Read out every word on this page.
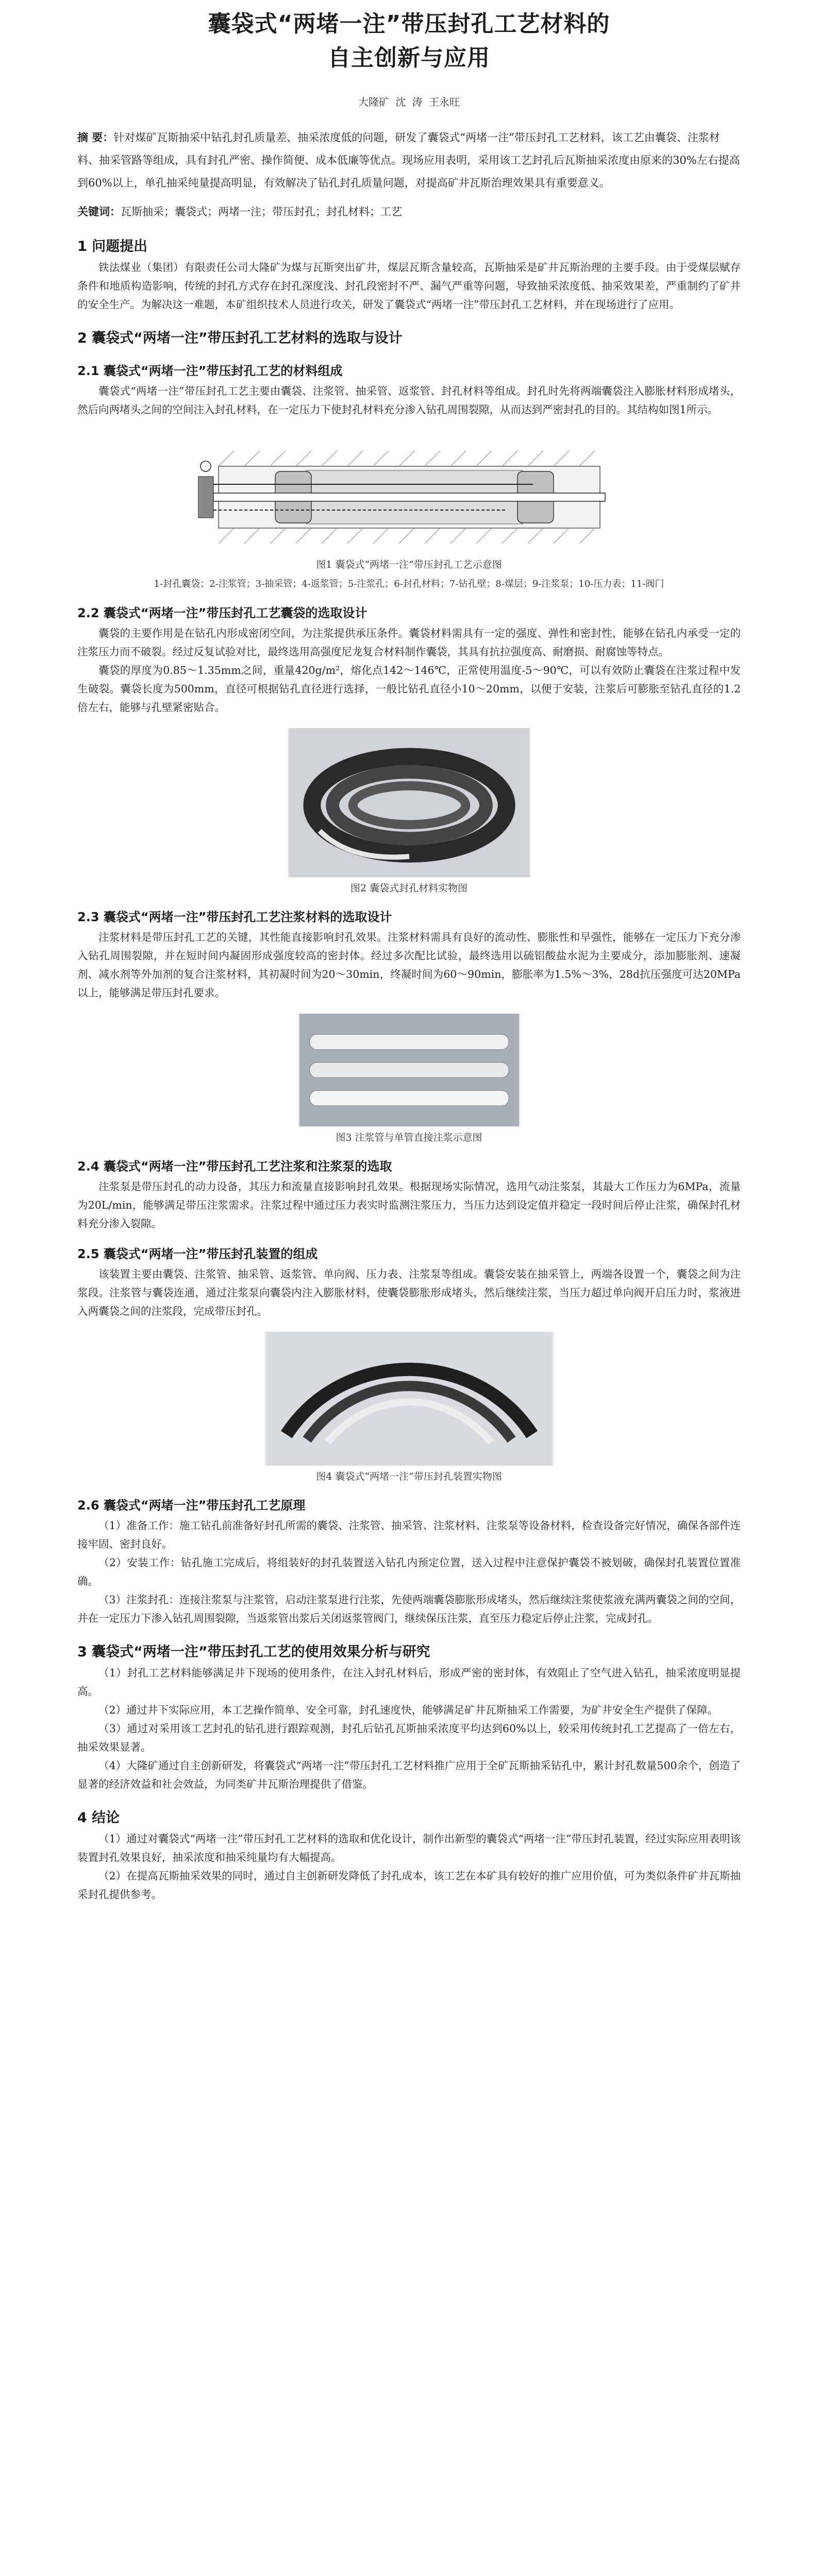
囊袋式“两堵一注”带压封孔工艺材料的
自主创新与应用
大隆矿 沈 涛 王永旺
摘 要：针对煤矿瓦斯抽采中钻孔封孔质量差、抽采浓度低的问题，研发了囊袋式“两堵一注”带压封孔工艺材料，该工艺由囊袋、注浆材料、抽采管路等组成，具有封孔严密、操作简便、成本低廉等优点。现场应用表明，采用该工艺封孔后瓦斯抽采浓度由原来的30%左右提高到60%以上，单孔抽采纯量提高明显，有效解决了钻孔封孔质量问题，对提高矿井瓦斯治理效果具有重要意义。
关键词：瓦斯抽采；囊袋式；两堵一注；带压封孔；封孔材料；工艺
1 问题提出

铁法煤业（集团）有限责任公司大隆矿为煤与瓦斯突出矿井，煤层瓦斯含量较高，瓦斯抽采是矿井瓦斯治理的主要手段。由于受煤层赋存条件和地质构造影响，传统的封孔方式存在封孔深度浅、封孔段密封不严、漏气严重等问题，导致抽采浓度低、抽采效果差，严重制约了矿井的安全生产。为解决这一难题，本矿组织技术人员进行攻关，研发了囊袋式“两堵一注”带压封孔工艺材料，并在现场进行了应用。

2 囊袋式“两堵一注”带压封孔工艺材料的选取与设计
2.1 囊袋式“两堵一注”带压封孔工艺的材料组成

囊袋式“两堵一注”带压封孔工艺主要由囊袋、注浆管、抽采管、返浆管、封孔材料等组成。封孔时先将两端囊袋注入膨胀材料形成堵头，然后向两堵头之间的空间注入封孔材料，在一定压力下使封孔材料充分渗入钻孔周围裂隙，从而达到严密封孔的目的。其结构如图1所示。

图1 囊袋式“两堵一注”带压封孔工艺示意图
1-封孔囊袋；2-注浆管；3-抽采管；4-返浆管；5-注浆孔；6-封孔材料；7-钻孔壁；8-煤层；9-注浆泵；10-压力表；11-阀门
2.2 囊袋式“两堵一注”带压封孔工艺囊袋的选取设计

囊袋的主要作用是在钻孔内形成密闭空间，为注浆提供承压条件。囊袋材料需具有一定的强度、弹性和密封性，能够在钻孔内承受一定的注浆压力而不破裂。经过反复试验对比，最终选用高强度尼龙复合材料制作囊袋，其具有抗拉强度高、耐磨损、耐腐蚀等特点。

囊袋的厚度为0.85～1.35mm之间，重量420g/m²，熔化点142～146℃，正常使用温度-5～90℃，可以有效防止囊袋在注浆过程中发生破裂。囊袋长度为500mm，直径可根据钻孔直径进行选择，一般比钻孔直径小10～20mm，以便于安装，注浆后可膨胀至钻孔直径的1.2倍左右，能够与孔壁紧密贴合。

图2 囊袋式封孔材料实物图
2.3 囊袋式“两堵一注”带压封孔工艺注浆材料的选取设计

注浆材料是带压封孔工艺的关键，其性能直接影响封孔效果。注浆材料需具有良好的流动性、膨胀性和早强性，能够在一定压力下充分渗入钻孔周围裂隙，并在短时间内凝固形成强度较高的密封体。经过多次配比试验，最终选用以硫铝酸盐水泥为主要成分，添加膨胀剂、速凝剂、减水剂等外加剂的复合注浆材料，其初凝时间为20～30min，终凝时间为60～90min，膨胀率为1.5%～3%，28d抗压强度可达20MPa以上，能够满足带压封孔要求。

图3 注浆管与单管直接注浆示意图
2.4 囊袋式“两堵一注”带压封孔工艺注浆和注浆泵的选取

注浆泵是带压封孔的动力设备，其压力和流量直接影响封孔效果。根据现场实际情况，选用气动注浆泵，其最大工作压力为6MPa，流量为20L/min，能够满足带压注浆需求。注浆过程中通过压力表实时监测注浆压力，当压力达到设定值并稳定一段时间后停止注浆，确保封孔材料充分渗入裂隙。

2.5 囊袋式“两堵一注”带压封孔装置的组成

该装置主要由囊袋、注浆管、抽采管、返浆管、单向阀、压力表、注浆泵等组成。囊袋安装在抽采管上，两端各设置一个，囊袋之间为注浆段。注浆管与囊袋连通，通过注浆泵向囊袋内注入膨胀材料，使囊袋膨胀形成堵头，然后继续注浆，当压力超过单向阀开启压力时，浆液进入两囊袋之间的注浆段，完成带压封孔。

图4 囊袋式“两堵一注”带压封孔装置实物图
2.6 囊袋式“两堵一注”带压封孔工艺原理

（1）准备工作：施工钻孔前准备好封孔所需的囊袋、注浆管、抽采管、注浆材料、注浆泵等设备材料，检查设备完好情况，确保各部件连接牢固、密封良好。

（2）安装工作：钻孔施工完成后，将组装好的封孔装置送入钻孔内预定位置，送入过程中注意保护囊袋不被划破，确保封孔装置位置准确。

（3）注浆封孔：连接注浆泵与注浆管，启动注浆泵进行注浆，先使两端囊袋膨胀形成堵头，然后继续注浆使浆液充满两囊袋之间的空间，并在一定压力下渗入钻孔周围裂隙，当返浆管出浆后关闭返浆管阀门，继续保压注浆，直至压力稳定后停止注浆，完成封孔。

3 囊袋式“两堵一注”带压封孔工艺的使用效果分析与研究

（1）封孔工艺材料能够满足井下现场的使用条件，在注入封孔材料后，形成严密的密封体，有效阻止了空气进入钻孔，抽采浓度明显提高。

（2）通过井下实际应用，本工艺操作简单、安全可靠，封孔速度快，能够满足矿井瓦斯抽采工作需要，为矿井安全生产提供了保障。

（3）通过对采用该工艺封孔的钻孔进行跟踪观测，封孔后钻孔瓦斯抽采浓度平均达到60%以上，较采用传统封孔工艺提高了一倍左右，抽采效果显著。

（4）大隆矿通过自主创新研发，将囊袋式“两堵一注”带压封孔工艺材料推广应用于全矿瓦斯抽采钻孔中，累计封孔数量500余个，创造了显著的经济效益和社会效益，为同类矿井瓦斯治理提供了借鉴。

4 结论

（1）通过对囊袋式“两堵一注”带压封孔工艺材料的选取和优化设计，制作出新型的囊袋式“两堵一注”带压封孔装置，经过实际应用表明该装置封孔效果良好，抽采浓度和抽采纯量均有大幅提高。

（2）在提高瓦斯抽采效果的同时，通过自主创新研发降低了封孔成本，该工艺在本矿具有较好的推广应用价值，可为类似条件矿井瓦斯抽采封孔提供参考。
